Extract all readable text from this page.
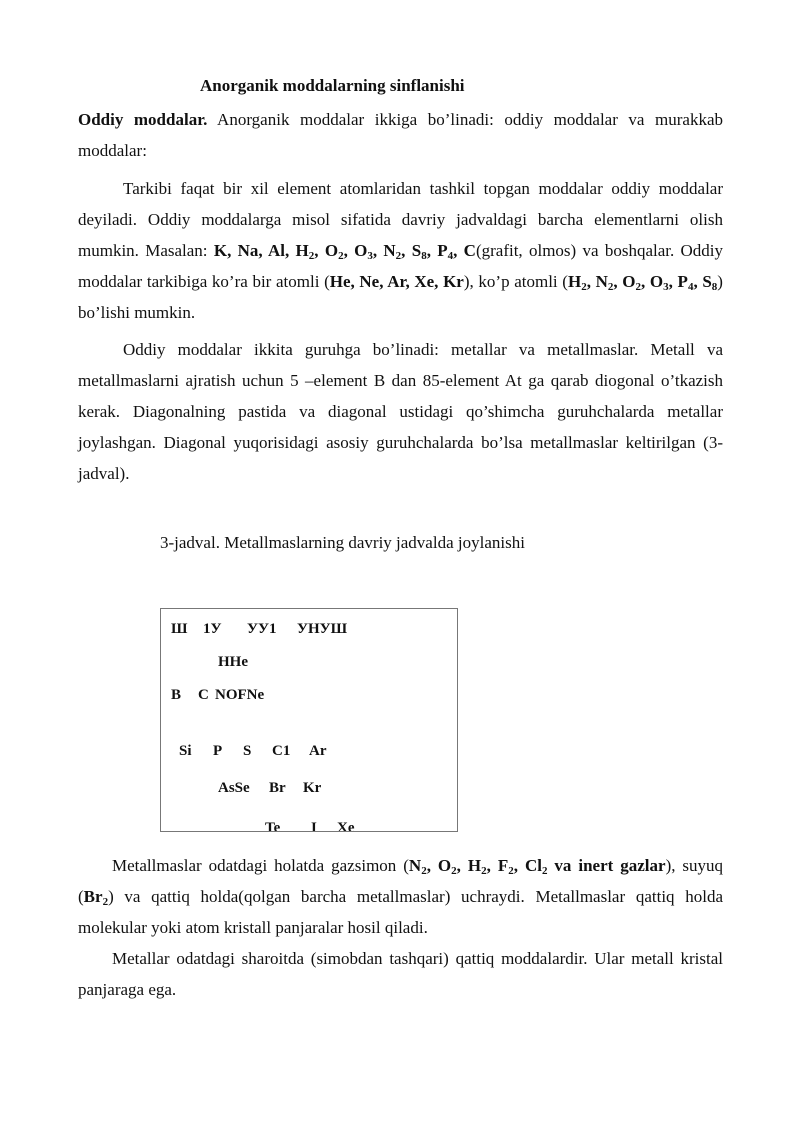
Anorganik moddalarning sinflanishi
Oddiy moddalar. Anorganik moddalar ikkiga bo’linadi: oddiy moddalar va murakkab moddalar:
Tarkibi faqat bir xil element atomlaridan tashkil topgan moddalar oddiy moddalar deyiladi. Oddiy moddalarga misol sifatida davriy jadvaldagi barcha elementlarni olish mumkin. Masalan: K, Na, Al, $H_2$, $O_2$, $O_3$, $N_2$, $S_8$, $P_4$, C(grafit, olmos) va boshqalar. Oddiy moddalar tarkibiga ko’ra bir atomli (He, Ne, Ar, Xe, Kr), ko’p atomli ($H_2$, $N_2$, $O_2$, $O_3$, $P_4$, $S_8$) bo’lishi mumkin.
Oddiy moddalar ikkita guruhga bo’linadi: metallar va metallmaslar. Metall va metallmaslarni ajratish uchun 5 –element B dan 85-element At ga qarab diogonal o’tkazish kerak. Diagonalning pastida va diagonal ustidagi qo’shimcha guruhchalarda metallar joylashgan. Diagonal yuqorisidagi asosiy guruhchalarda bo’lsa metallmaslar keltirilgan (3-jadval).
3-jadval. Metallmaslarning davriy jadvalda joylanishi
Ш 1У УУ1 УНУШ
HHe
B C NOFNe
Si P S C1 Ar
AsSe Br Kr
Te I Xe
Metallmaslar odatdagi holatda gazsimon ($N_2$, $O_2$, $H_2$, $F_2$, $Cl_2$ va inert gazlar), suyuq $(Br_2)$ va qattiq holda(qolgan barcha metallmaslar) uchraydi. Metallmaslar qattiq holda molekular yoki atom kristall panjaralar hosil qiladi.
Metallar odatdagi sharoitda (simobdan tashqari) qattiq moddalardir. Ular metall kristal panjaraga ega.
